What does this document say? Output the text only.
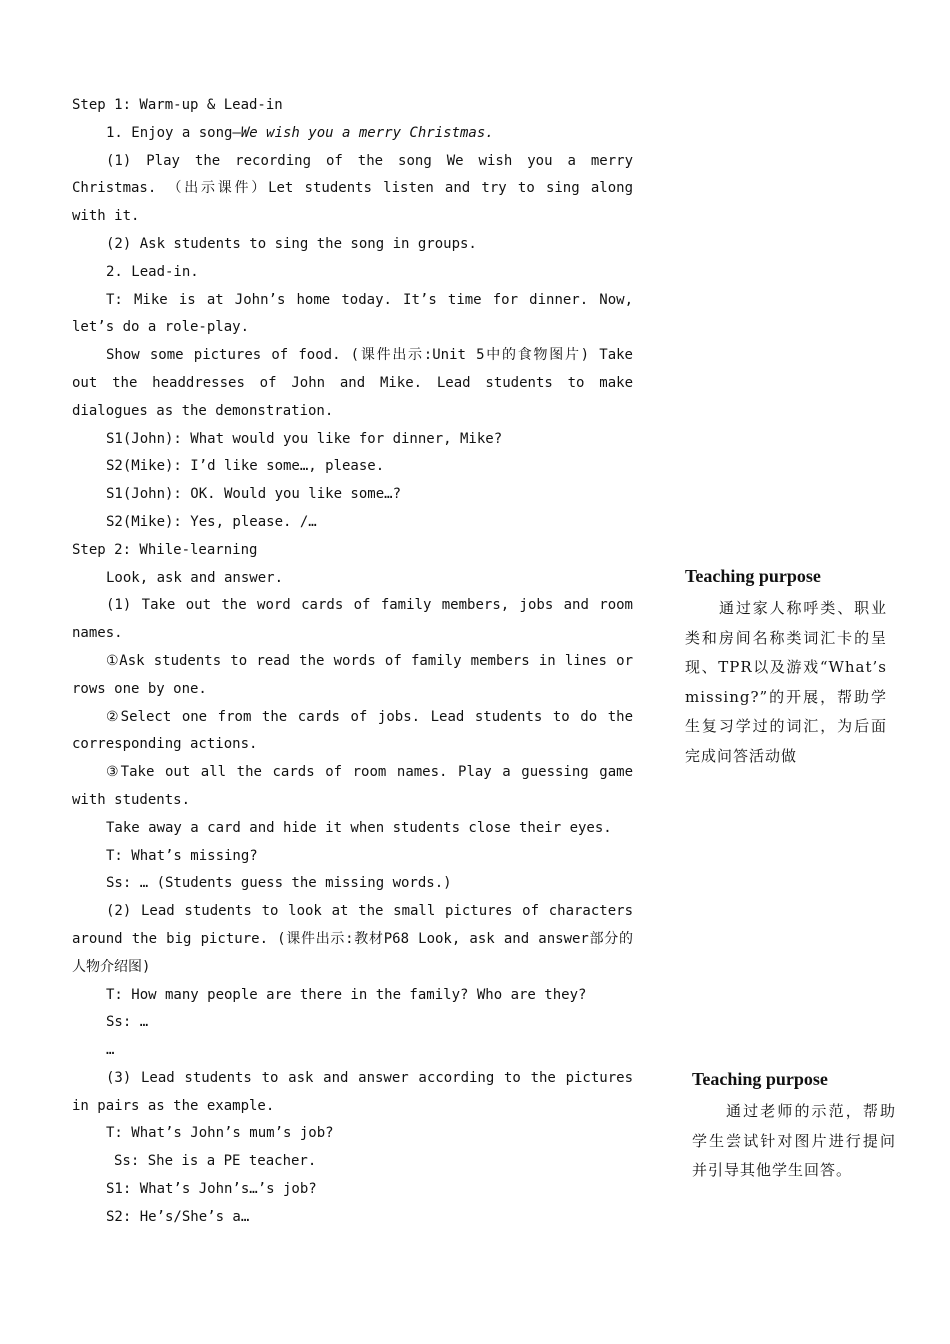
Step 1: Warm-up & Lead-in

1. Enjoy a song—We wish you a merry Christmas.

(1) Play the recording of the song We wish you a merry Christmas. （出示课件）Let students listen and try to sing along with it.

(2) Ask students to sing the song in groups.

2. Lead-in.

T: Mike is at John’s home today. It’s time for dinner. Now, let’s do a role-play.

Show some pictures of food. (课件出示:Unit 5中的食物图片) Take out the headdresses of John and Mike. Lead students to make dialogues as the demonstration.

S1(John): What would you like for dinner, Mike?

S2(Mike): I’d like some…, please.

S1(John): OK. Would you like some…?

S2(Mike): Yes, please. /…

Step 2: While-learning

Look, ask and answer.

(1) Take out the word cards of family members, jobs and room names.

①Ask students to read the words of family members in lines or rows one by one.

②Select one from the cards of jobs. Lead students to do the corresponding actions.

③Take out all the cards of room names. Play a guessing game with students.

Take away a card and hide it when students close their eyes.

T: What’s missing?

Ss: … (Students guess the missing words.)

(2) Lead students to look at the small pictures of characters around the big picture. (课件出示:教材P68 Look, ask and answer部分的人物介绍图)

T: How many people are there in the family? Who are they?

Ss: …

…

(3) Lead students to ask and answer according to the pictures in pairs as the example.

T: What’s John’s mum’s job?

Ss: She is a PE teacher.

S1: What’s John’s…’s job?

S2: He’s/She’s a…

Teaching purpose

通过家人称呼类、职业类和房间名称类词汇卡的呈现、TPR以及游戏“What’s missing?”的开展，帮助学生复习学过的词汇，为后面完成问答活动做

Teaching purpose

通过老师的示范，帮助学生尝试针对图片进行提问并引导其他学生回答。
